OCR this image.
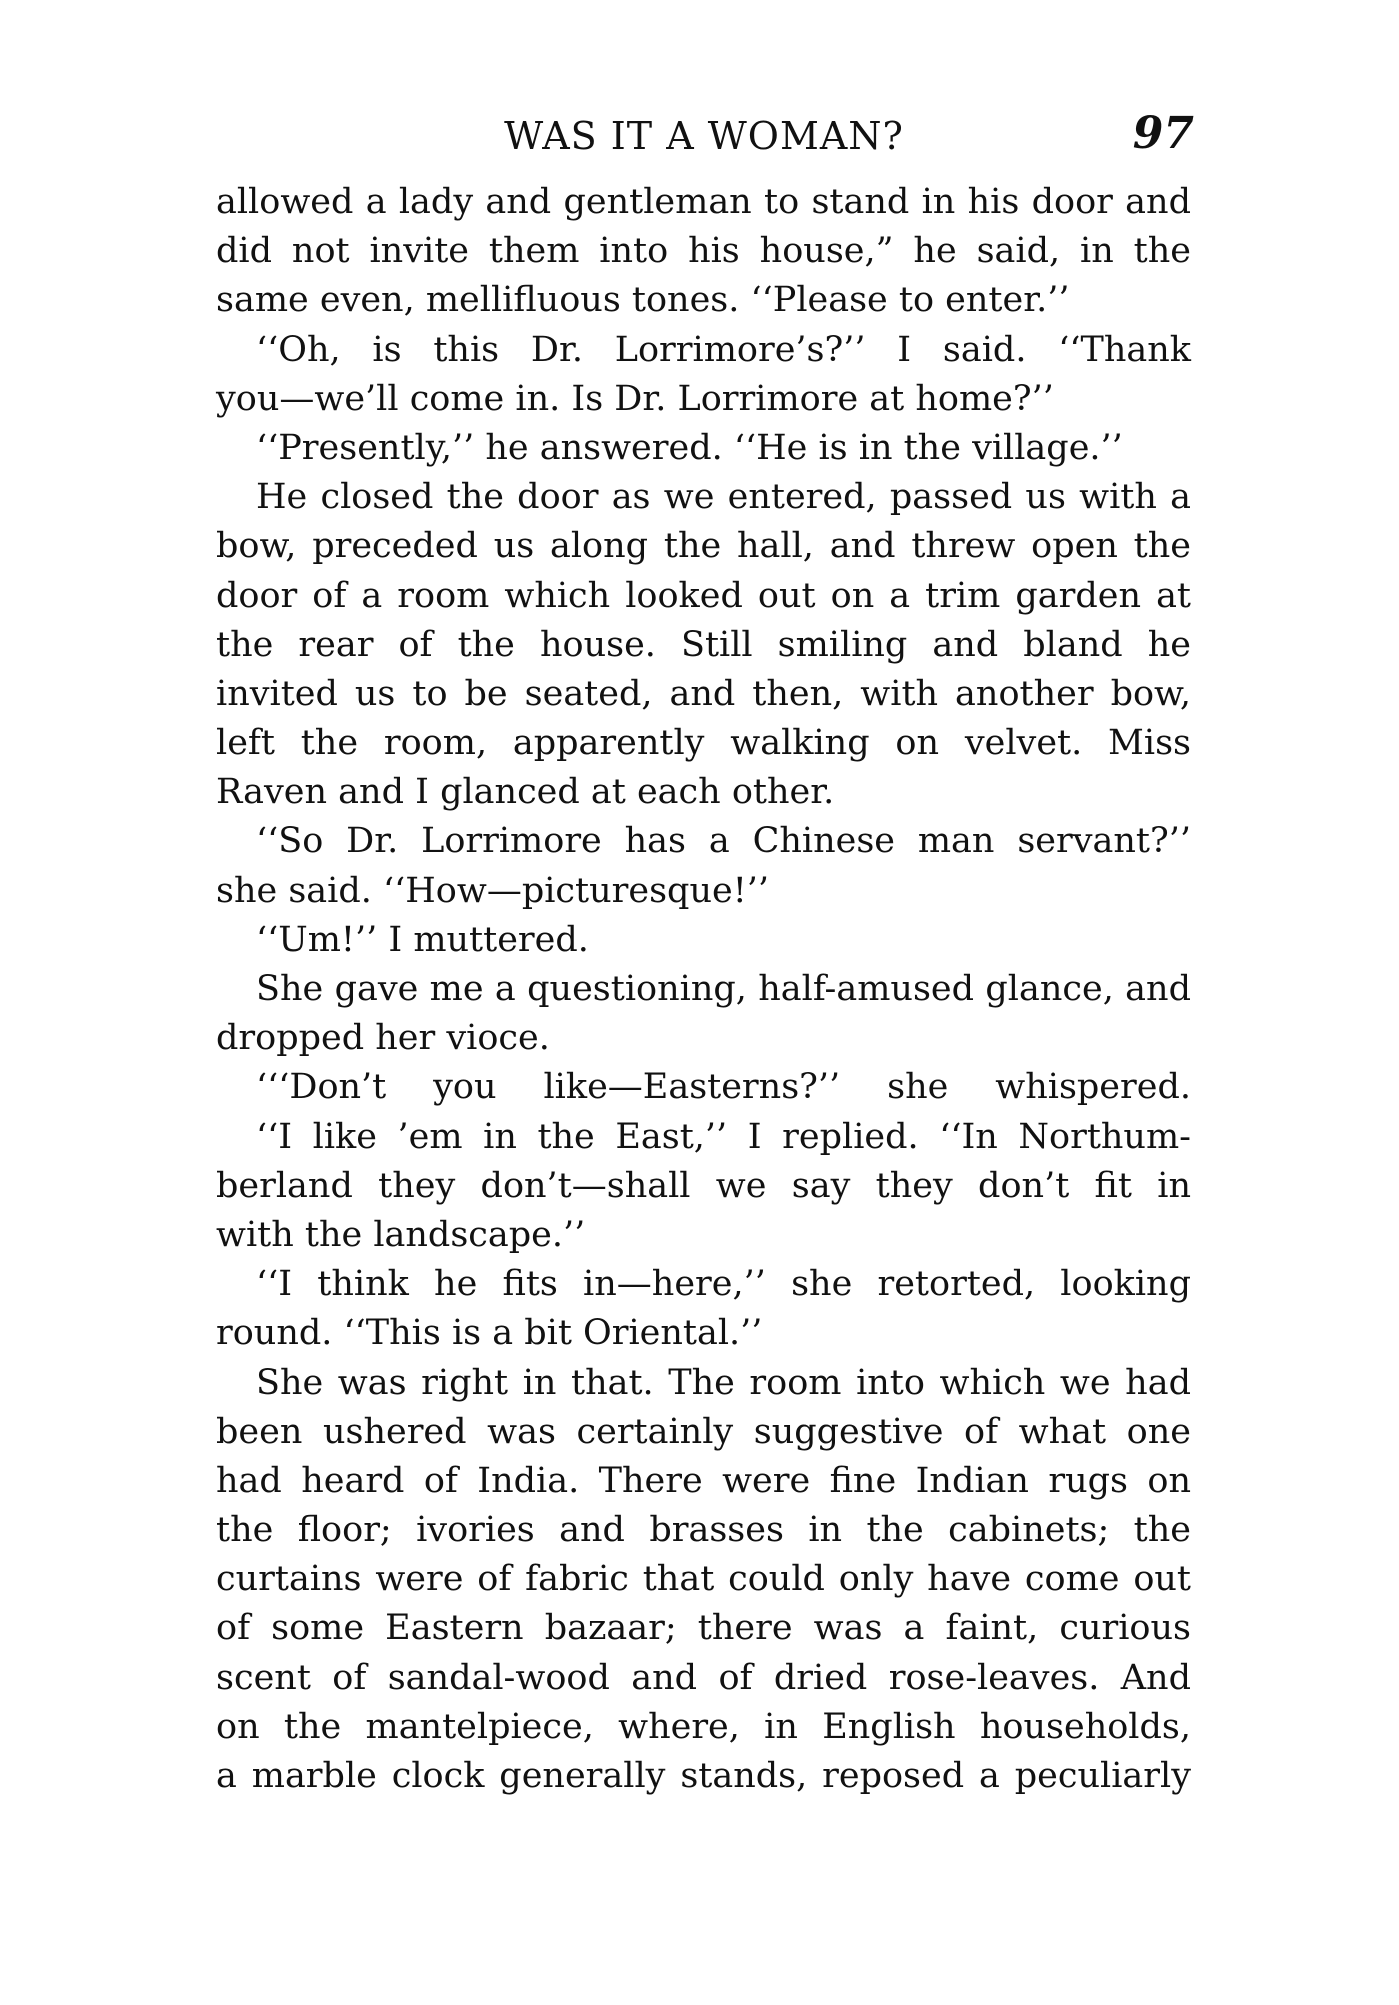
WAS IT A WOMAN?	97
allowed a lady and gentleman to stand in his door and
did not invite them into his house,” he said, in the
same even, mellifluous tones. ‘‘Please to enter.’’
‘‘Oh, is this Dr. Lorrimore’s?’’ I said. ‘‘Thank
you—we’ll come in. Is Dr. Lorrimore at home?’’
‘‘Presently,’’ he answered. ‘‘He is in the village.’’
He closed the door as we entered, passed us with a
bow, preceded us along the hall, and threw open the
door of a room which looked out on a trim garden at
the rear of the house. Still smiling and bland he
invited us to be seated, and then, with another bow,
left the room, apparently walking on velvet. Miss
Raven and I glanced at each other.
‘‘So Dr. Lorrimore has a Chinese man servant?’’
she said. ‘‘How—picturesque!’’
‘‘Um!’’ I muttered.
She gave me a questioning, half-amused glance, and
dropped her vioce.
‘‘‘Don’t you like—Easterns?’’ she whispered.
‘‘I like ’em in the East,’’ I replied. ‘‘In Northum-
berland they don’t—shall we say they don’t fit in
with the landscape.’’
‘‘I think he fits in—here,’’ she retorted, looking
round. ‘‘This is a bit Oriental.’’
She was right in that. The room into which we had
been ushered was certainly suggestive of what one
had heard of India. There were fine Indian rugs on
the floor; ivories and brasses in the cabinets; the
curtains were of fabric that could only have come out
of some Eastern bazaar; there was a faint, curious
scent of sandal-wood and of dried rose-leaves. And
on the mantelpiece, where, in English households,
a marble clock generally stands, reposed a peculiarly
